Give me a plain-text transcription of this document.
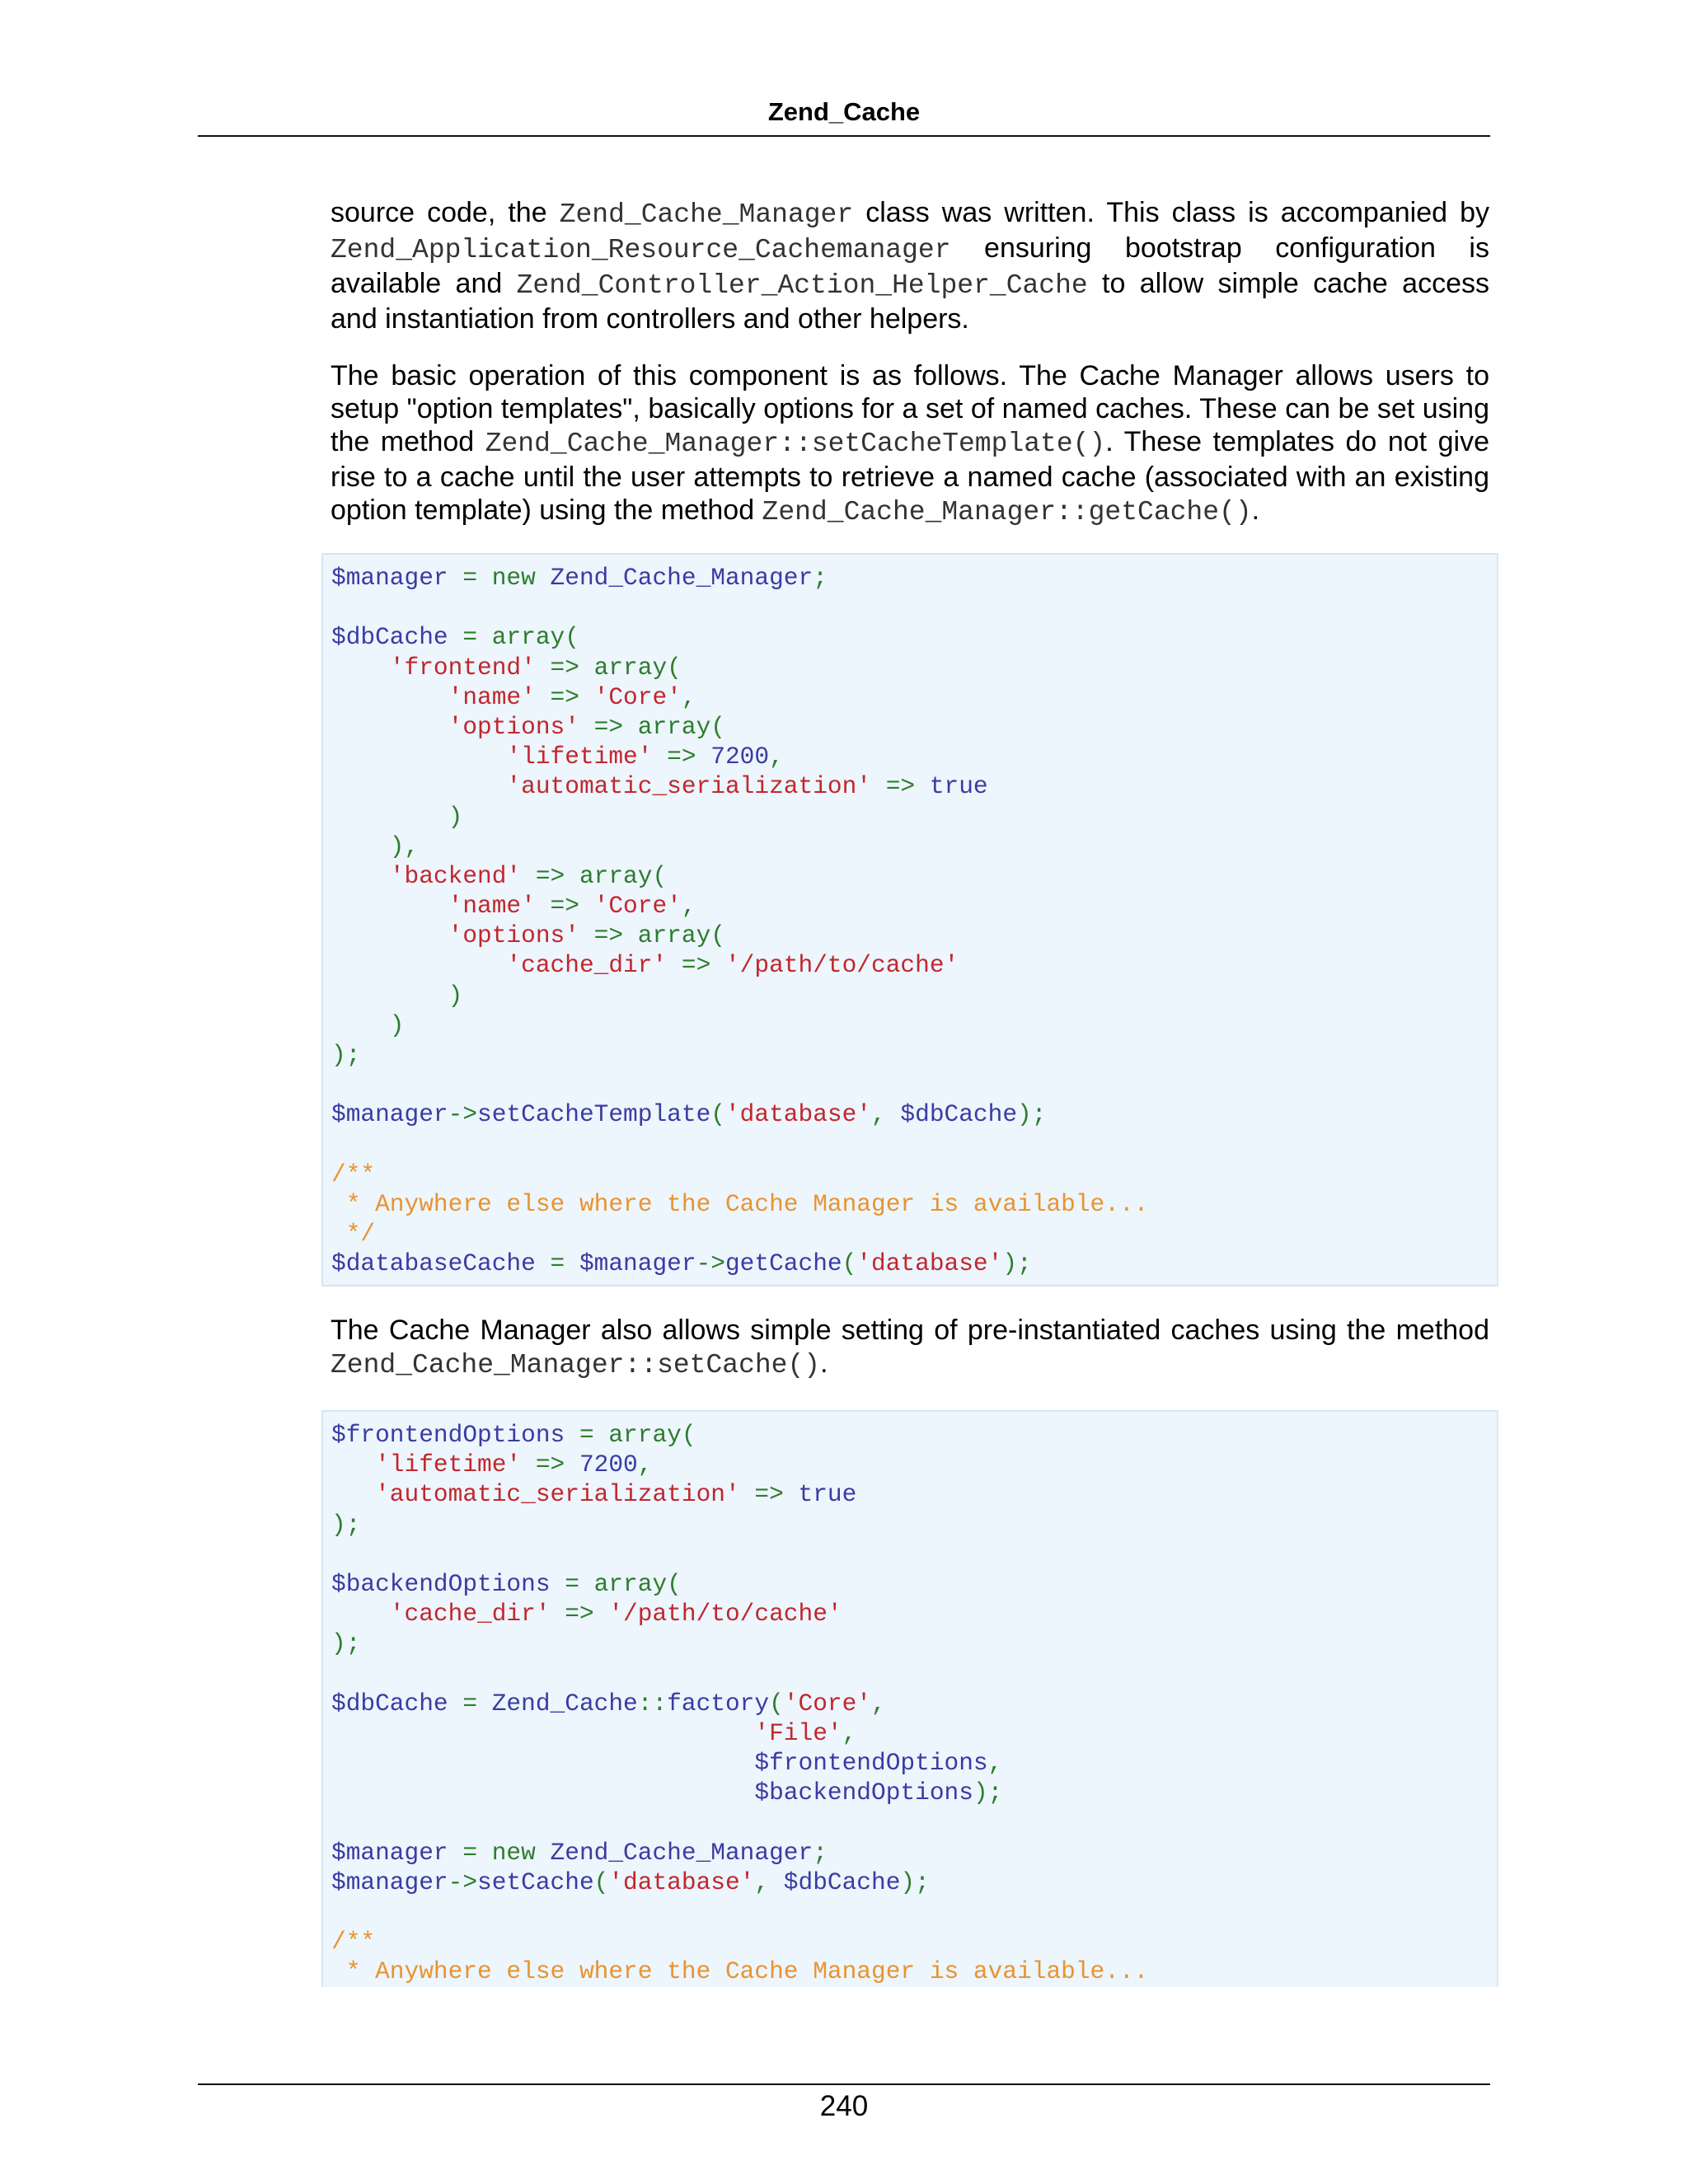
Zend_Cache

source code, the Zend_Cache_Manager class was written. This class is accompanied by Zend_Application_Resource_Cachemanager ensuring bootstrap configuration is available and Zend_Controller_Action_Helper_Cache to allow simple cache access and instantiation from controllers and other helpers.

The basic operation of this component is as follows. The Cache Manager allows users to setup "option templates", basically options for a set of named caches. These can be set using the method Zend_Cache_Manager::setCacheTemplate(). These templates do not give rise to a cache until the user attempts to retrieve a named cache (associated with an existing option template) using the method Zend_Cache_Manager::getCache().

$manager = new Zend_Cache_Manager;
$dbCache = array(
'frontend' => array(
'name' => 'Core',
'options' => array(
'lifetime' => 7200,
'automatic_serialization' => true
)
),
'backend' => array(
'name' => 'Core',
'options' => array(
'cache_dir' => '/path/to/cache'
)
)
);
$manager->setCacheTemplate('database', $dbCache);
/**
* Anywhere else where the Cache Manager is available...
*/
$databaseCache = $manager->getCache('database');

The Cache Manager also allows simple setting of pre-instantiated caches using the method Zend_Cache_Manager::setCache().

$frontendOptions = array(
'lifetime' => 7200,
'automatic_serialization' => true
);
$backendOptions = array(
'cache_dir' => '/path/to/cache'
);
$dbCache = Zend_Cache::factory('Core',
'File',
$frontendOptions,
$backendOptions);
$manager = new Zend_Cache_Manager;
$manager->setCache('database', $dbCache);
/**
* Anywhere else where the Cache Manager is available...
240
